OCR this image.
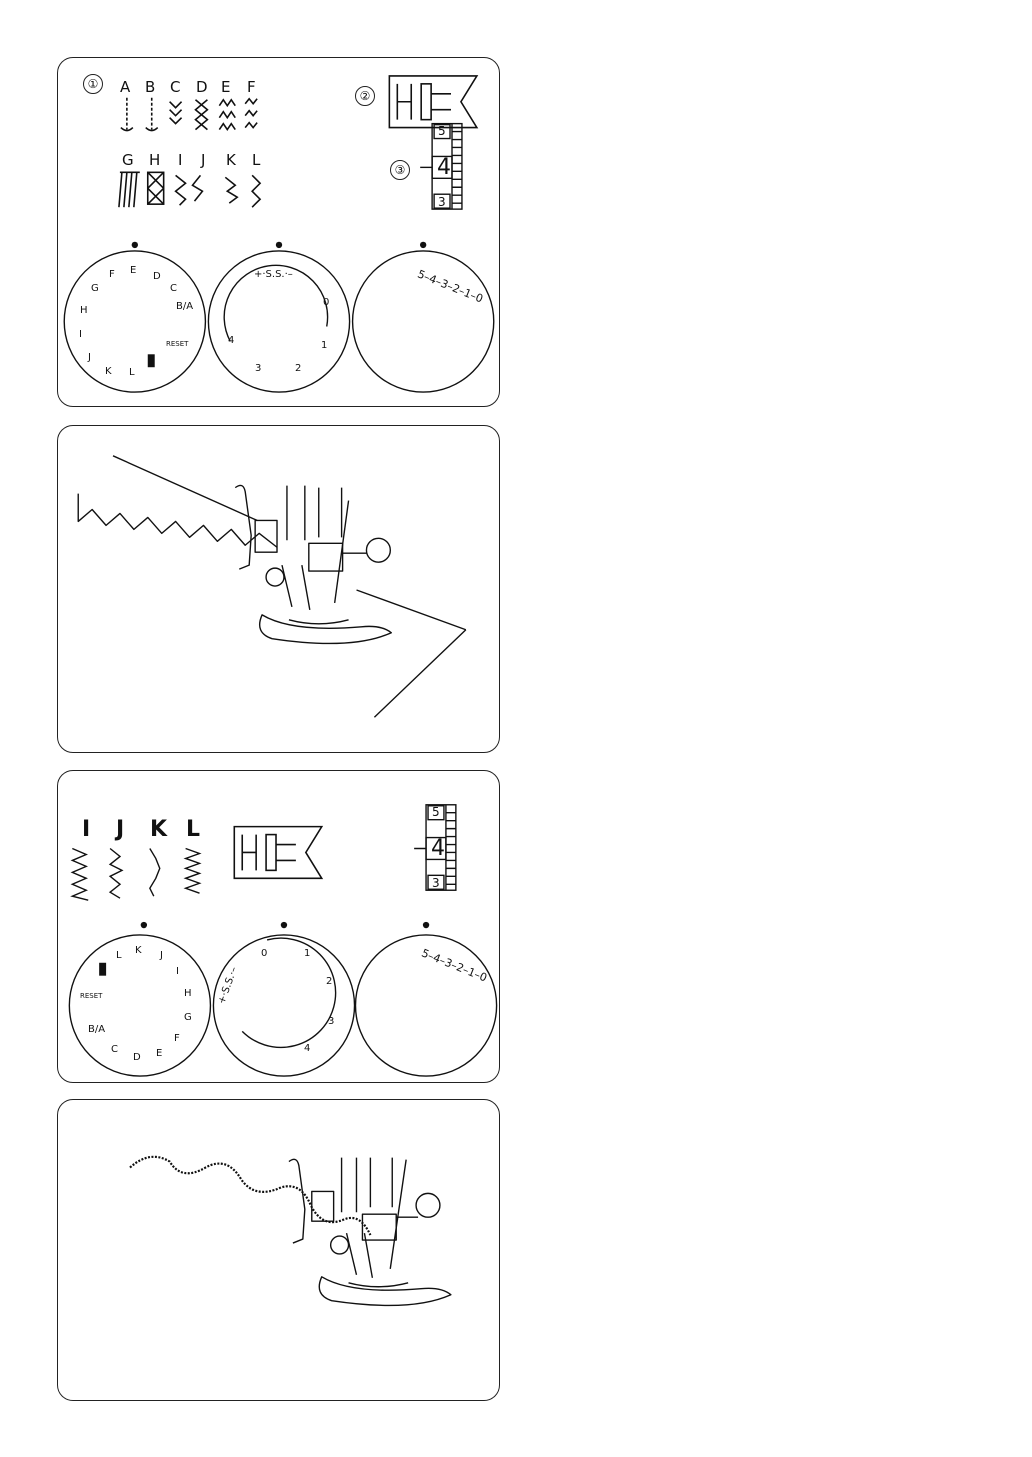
①
②
③
A B C D E F
G H I J K L
5
4
3
E
D
C
B/A
F
G
H
I
J
K L
RESET
+·S.S.·–
0
1
2
3
4
5–4–3–2–1–0
I J K L
5
4
3
K J
I
H
G
F
E
D
C
B/A
L
RESET	+·S.S.·–
0	1
2
3
4
5–4–3–2–1–0
